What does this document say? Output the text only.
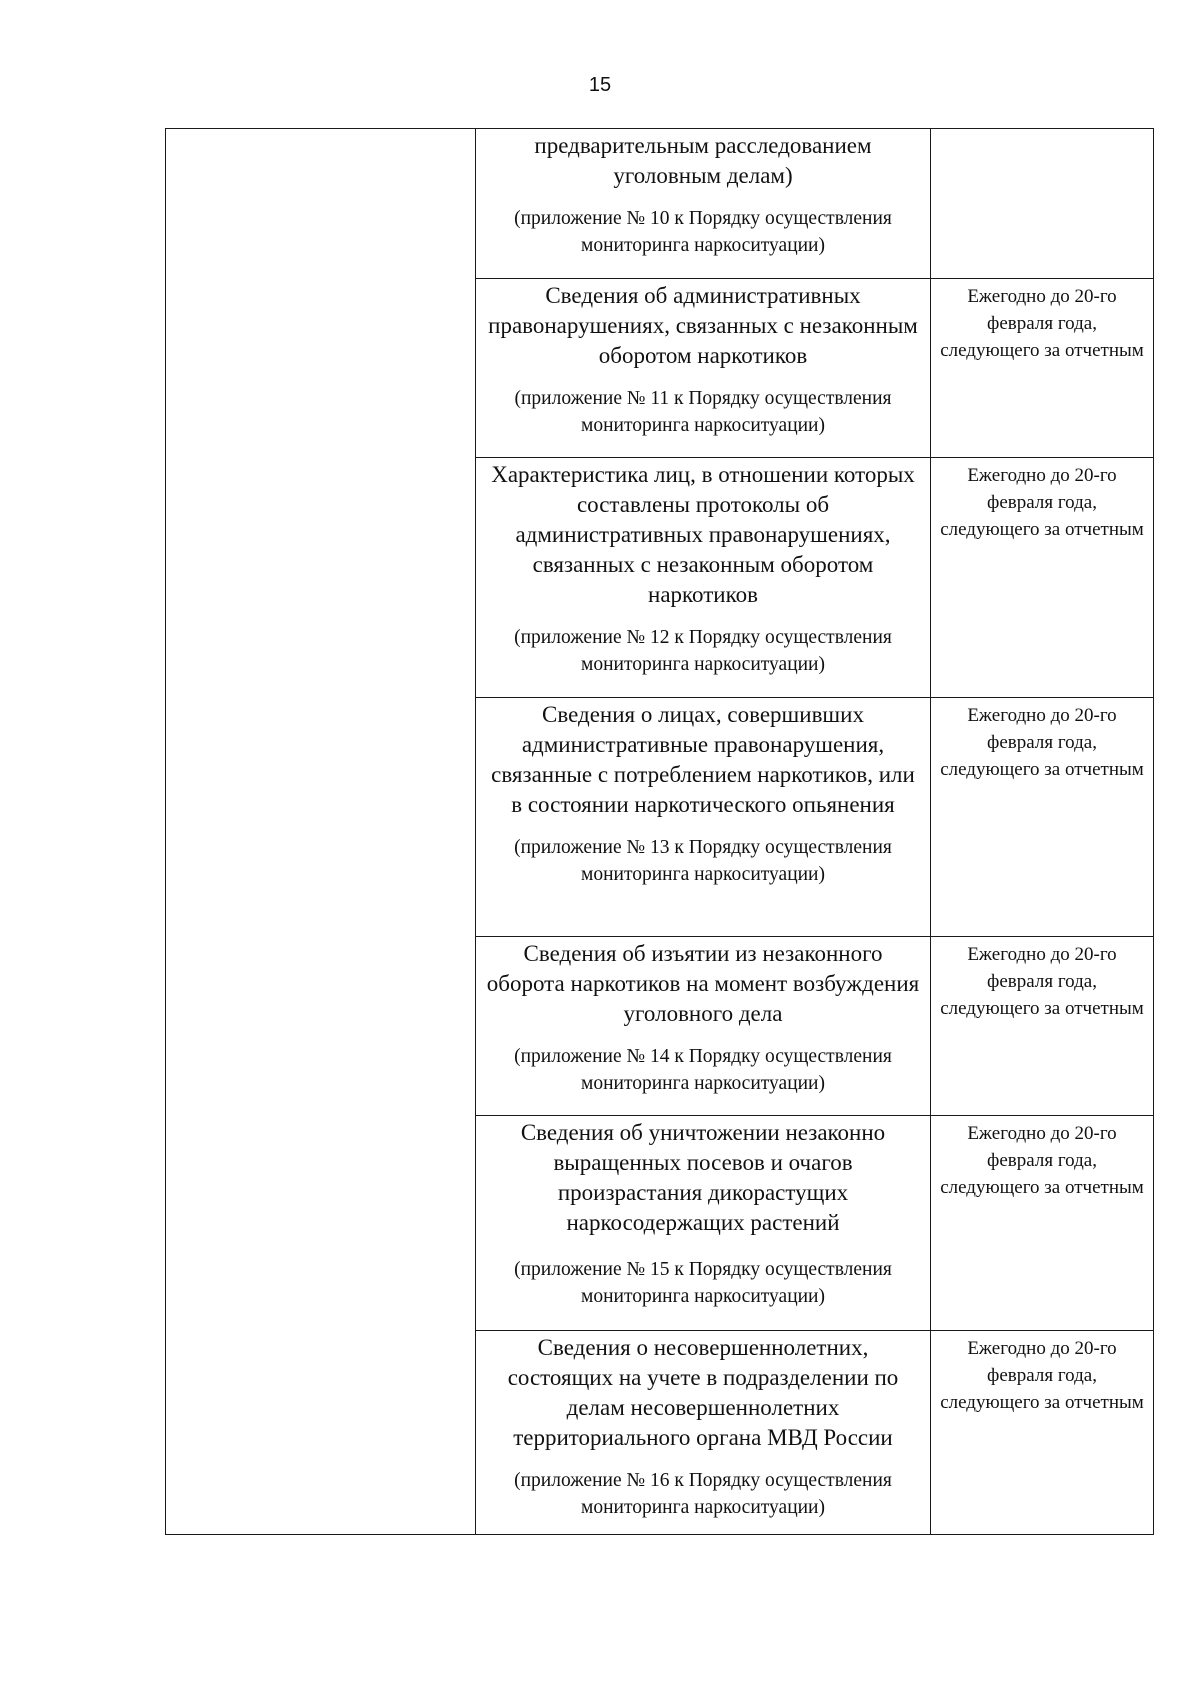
15

предварительным расследованием уголовным делам)

(приложение № 10 к Порядку осуществления мониторинга наркоситуации)

Сведения об административных правонарушениях, связанных с незаконным оборотом наркотиков

(приложение № 11 к Порядку осуществления мониторинга наркоситуации)

Ежегодно до 20-го февраля года, следующего за отчетным

Характеристика лиц, в отношении которых составлены протоколы об административных правонарушениях, связанных с незаконным оборотом наркотиков

(приложение № 12 к Порядку осуществления мониторинга наркоситуации)

Ежегодно до 20-го февраля года, следующего за отчетным

Сведения о лицах, совершивших административные правонарушения, связанные с потреблением наркотиков, или в состоянии наркотического опьянения

(приложение № 13 к Порядку осуществления мониторинга наркоситуации)

Ежегодно до 20-го февраля года, следующего за отчетным

Сведения об изъятии из незаконного оборота наркотиков на момент возбуждения уголовного дела

(приложение № 14 к Порядку осуществления мониторинга наркоситуации)

Ежегодно до 20-го февраля года, следующего за отчетным

Сведения об уничтожении незаконно выращенных посевов и очагов произрастания дикорастущих наркосодержащих растений

(приложение № 15 к Порядку осуществления мониторинга наркоситуации)

Ежегодно до 20-го февраля года, следующего за отчетным

Сведения о несовершеннолетних, состоящих на учете в подразделении по делам несовершеннолетних территориального органа МВД России

(приложение № 16 к Порядку осуществления мониторинга наркоситуации)

Ежегодно до 20-го февраля года, следующего за отчетным
